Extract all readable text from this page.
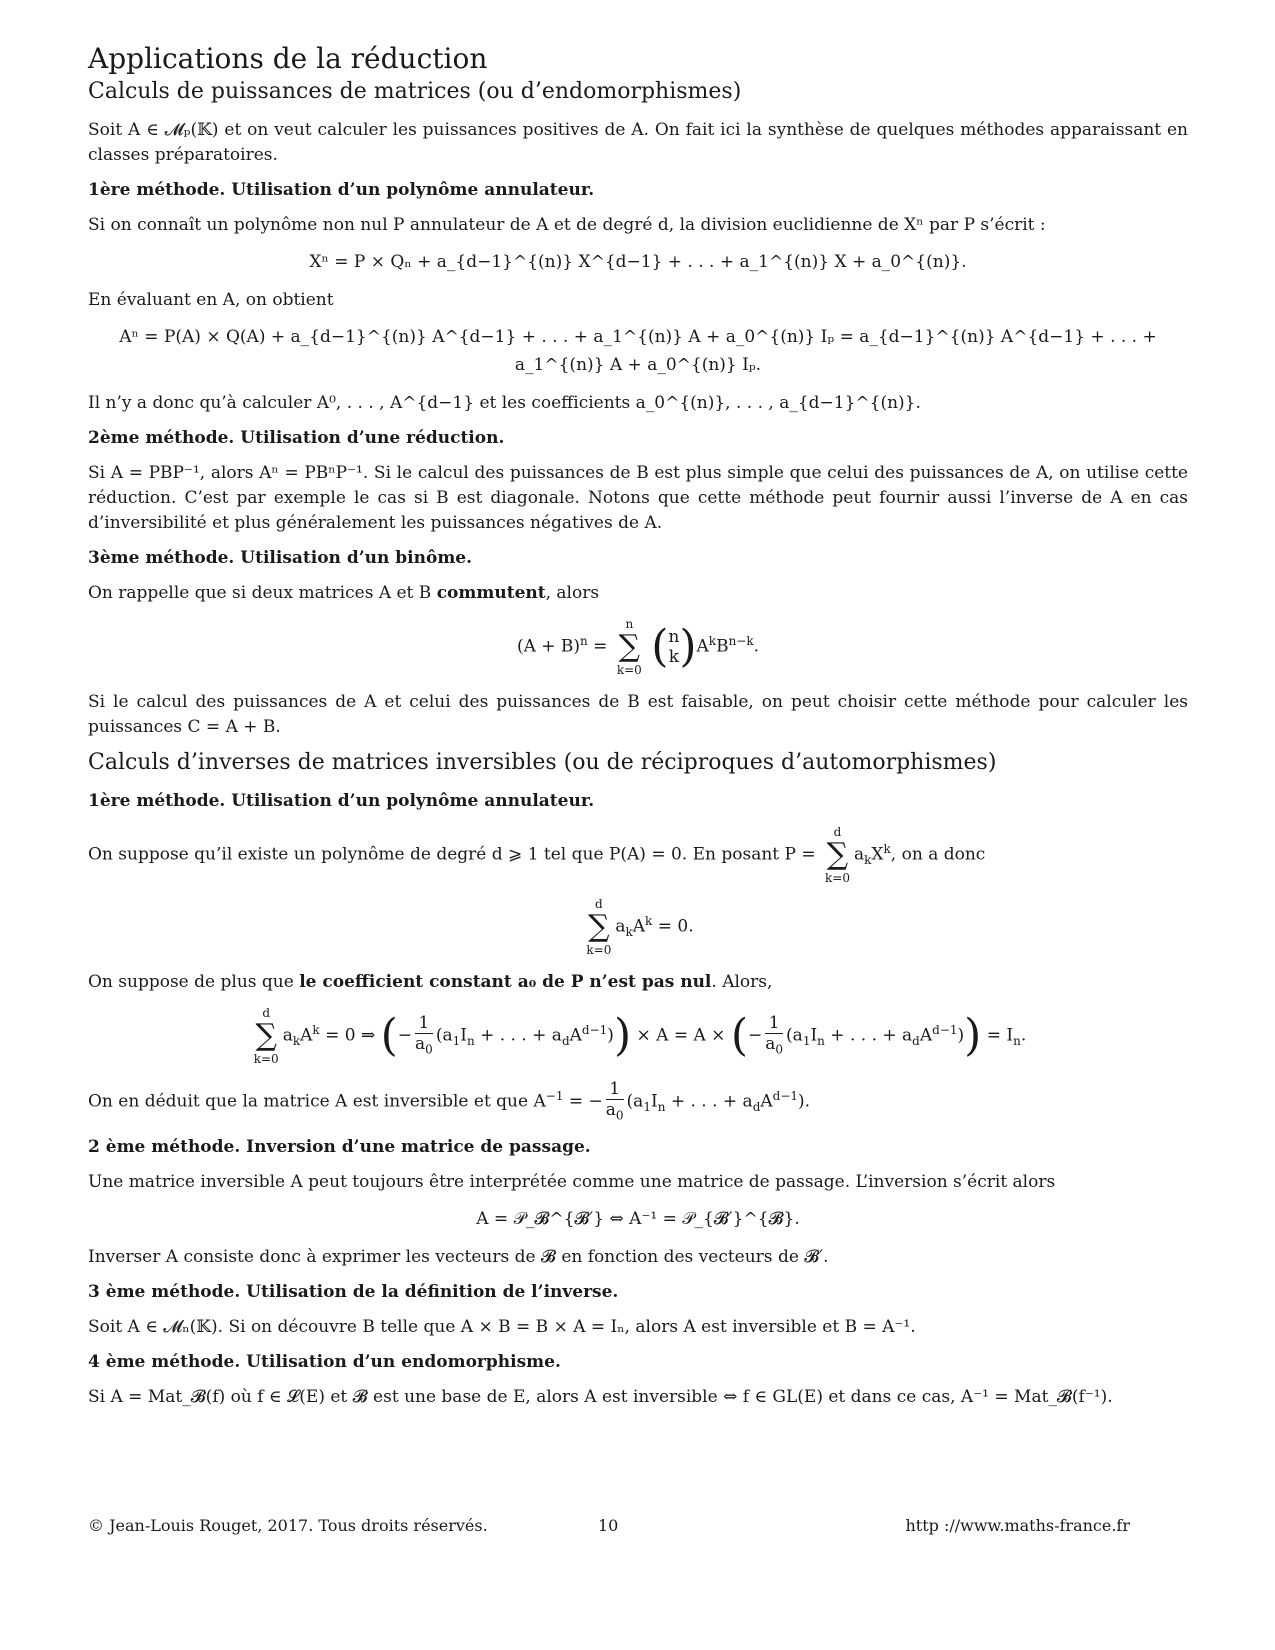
Applications de la réduction
Calculs de puissances de matrices (ou d’endomorphismes)

Soit A ∈ 𝓜ₚ(𝕂) et on veut calculer les puissances positives de A. On fait ici la synthèse de quelques méthodes apparaissant en classes préparatoires.

1ère méthode. Utilisation d’un polynôme annulateur.

Si on connaît un polynôme non nul P annulateur de A et de degré d, la division euclidienne de Xⁿ par P s’écrit :

Xⁿ = P × Qₙ + a_{d−1}^{(n)} X^{d−1} + . . . + a_1^{(n)} X + a_0^{(n)}.

En évaluant en A, on obtient

Aⁿ = P(A) × Q(A) + a_{d−1}^{(n)} A^{d−1} + . . . + a_1^{(n)} A + a_0^{(n)} Iₚ = a_{d−1}^{(n)} A^{d−1} + . . . + a_1^{(n)} A + a_0^{(n)} Iₚ.

Il n’y a donc qu’à calculer A⁰, . . . , A^{d−1} et les coefficients a_0^{(n)}, . . . , a_{d−1}^{(n)}.

2ème méthode. Utilisation d’une réduction.

Si A = PBP⁻¹, alors Aⁿ = PBⁿP⁻¹. Si le calcul des puissances de B est plus simple que celui des puissances de A, on utilise cette réduction. C’est par exemple le cas si B est diagonale. Notons que cette méthode peut fournir aussi l’inverse de A en cas d’inversibilité et plus généralement les puissances négatives de A.

3ème méthode. Utilisation d’un binôme.

On rappelle que si deux matrices A et B commutent, alors

$(A + B)^n$ =
n
∑
k=0 ( n
k )$A^kB^{n-k}$.

Si le calcul des puissances de A et celui des puissances de B est faisable, on peut choisir cette méthode pour calculer les puissances C = A + B.

Calculs d’inverses de matrices inversibles (ou de réciproques d’automorphismes)

1ère méthode. Utilisation d’un polynôme annulateur.

On suppose qu’il existe un polynôme de degré d ⩾ 1 tel que P(A) = 0. En posant P =
d
∑
k=0
$a_kX^k$, on a donc

d
∑
k=0
$a_kA^k = 0$.

On suppose de plus que le coefficient constant a₀ de P n’est pas nul. Alors,

d
∑
k=0
$a_kA^k = 0$ ⇒ (− $\frac{1}{a_0} (a_1I_n$ + . . . + $a_dA^{d-1})) \times A = A$ × (− $\frac{1}{a_0} (a_1I_n$ + . . . + $a_dA^{d-1})) = I_n$.

On en déduit que la matrice A est inversible et que $A^{-1}$ = − $\frac{1}{a_0} (a_1I_n$ + . . . + $a_dA^{d-1}$).

2 ème méthode. Inversion d’une matrice de passage.

Une matrice inversible A peut toujours être interprétée comme une matrice de passage. L’inversion s’écrit alors

A = 𝒫_𝓑^{𝓑′} ⇔ A⁻¹ = 𝒫_{𝓑′}^{𝓑}.

Inverser A consiste donc à exprimer les vecteurs de 𝓑 en fonction des vecteurs de 𝓑′.

3 ème méthode. Utilisation de la définition de l’inverse.

Soit A ∈ 𝓜ₙ(𝕂). Si on découvre B telle que A × B = B × A = Iₙ, alors A est inversible et B = A⁻¹.

4 ème méthode. Utilisation d’un endomorphisme.

Si A = Mat_𝓑(f) où f ∈ 𝓛(E) et 𝓑 est une base de E, alors A est inversible ⇔ f ∈ GL(E) et dans ce cas, A⁻¹ = Mat_𝓑(f⁻¹).

© Jean-Louis Rouget, 2017. Tous droits réservés.	10	http ://www.maths-france.fr
